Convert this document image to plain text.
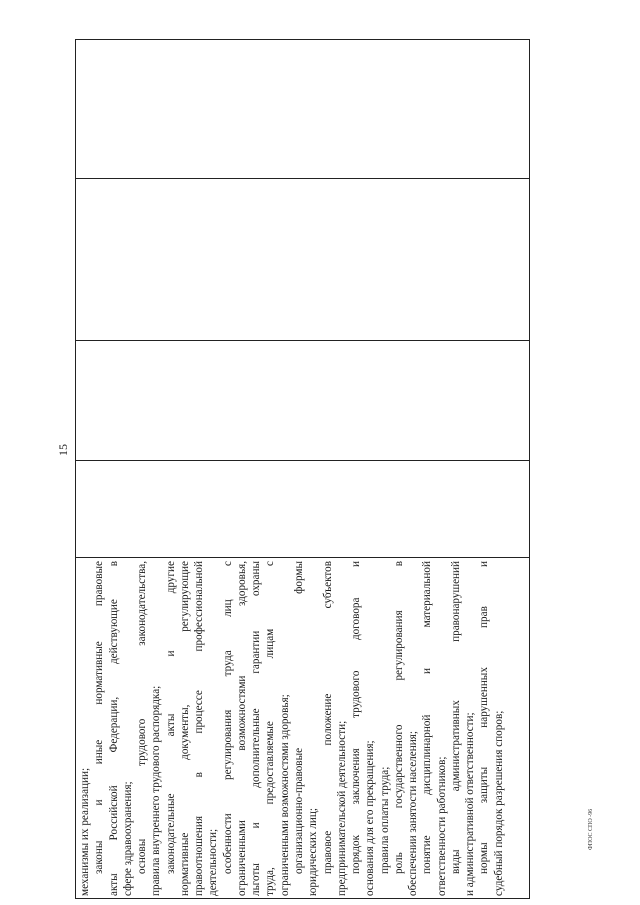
15
механизмы их реализации; законы и иные нормативные правовые акты Российской Федерации, действующие в сфере здравоохранения; основы трудового законодательства, правила внутреннего трудового распорядка; законодательные акты и другие нормативные документы, регулирующие правоотношения в процессе профессиональной деятельности; особенности регулирования труда лиц с ограниченными возможностями здоровья, льготы и дополнительные гарантии охраны труда, предоставляемые лицам с ограниченными возможностями здоровья; организационно-правовые формы юридических лиц; правовое положение субъектов предпринимательской деятельности; порядок заключения трудового договора и основания для его прекращения; правила оплаты труда; роль государственного регулирования в обеспечении занятости населения; понятие дисциплинарной и материальной ответственности работников; виды административных правонарушений и административной ответственности; нормы защиты нарушенных прав и судебный порядок разрешения споров;	ФПОС СПО -96
